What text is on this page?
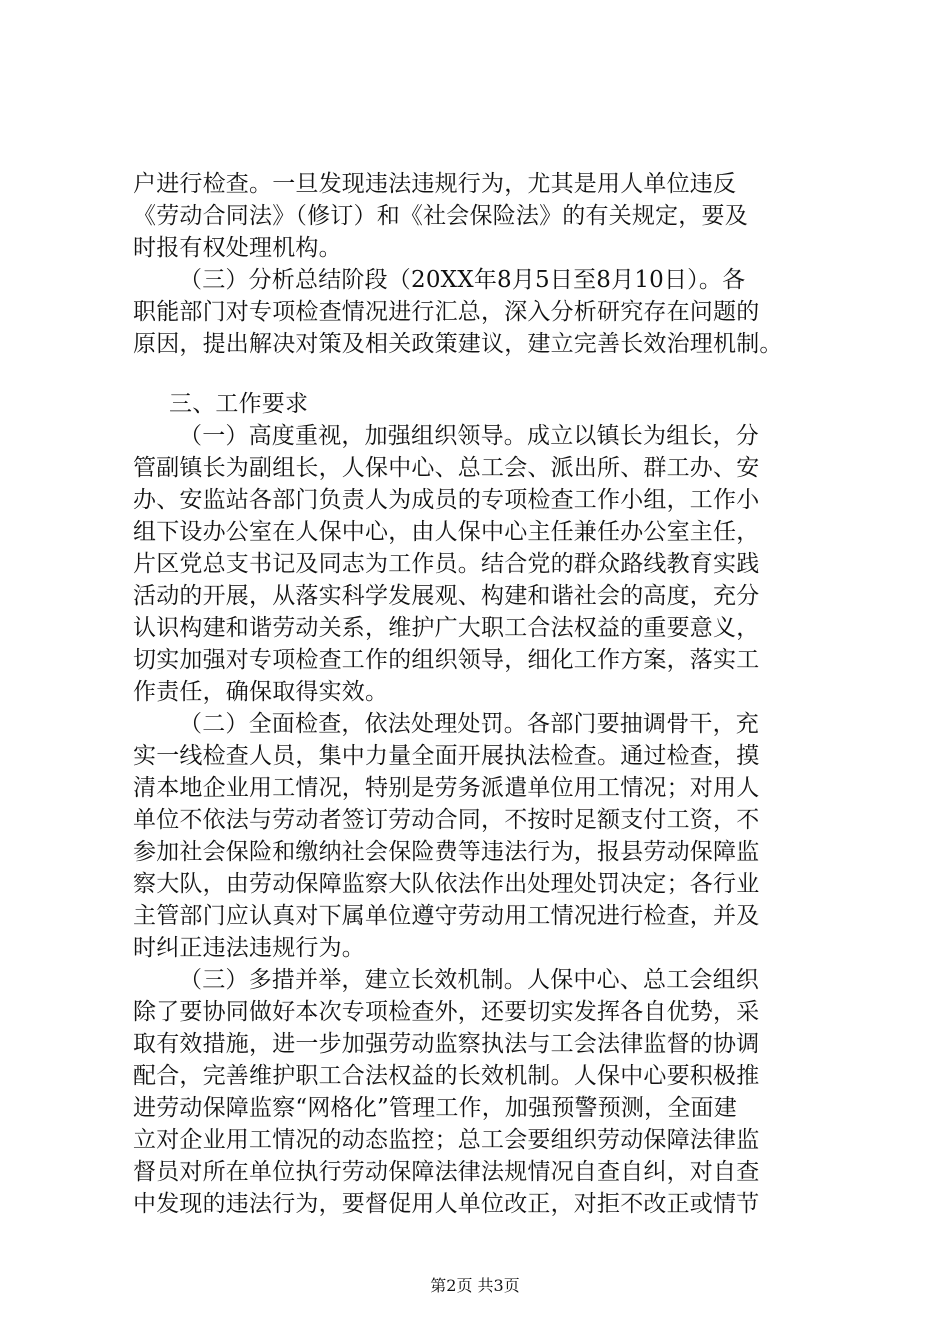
户进行检查。一旦发现违法违规行为，尤其是用人单位违反
《劳动合同法》（修订）和《社会保险法》的有关规定，要及
时报有权处理机构。
（三）分析总结阶段（20XX年8月5日至8月10日）。各
职能部门对专项检查情况进行汇总，深入分析研究存在问题的
原因，提出解决对策及相关政策建议，建立完善长效治理机制。
三、工作要求
（一）高度重视，加强组织领导。成立以镇长为组长，分
管副镇长为副组长，人保中心、总工会、派出所、群工办、安
办、安监站各部门负责人为成员的专项检查工作小组，工作小
组下设办公室在人保中心，由人保中心主任兼任办公室主任，
片区党总支书记及同志为工作员。结合党的群众路线教育实践
活动的开展，从落实科学发展观、构建和谐社会的高度，充分
认识构建和谐劳动关系，维护广大职工合法权益的重要意义，
切实加强对专项检查工作的组织领导，细化工作方案，落实工
作责任，确保取得实效。
（二）全面检查，依法处理处罚。各部门要抽调骨干，充
实一线检查人员，集中力量全面开展执法检查。通过检查，摸
清本地企业用工情况，特别是劳务派遣单位用工情况；对用人
单位不依法与劳动者签订劳动合同，不按时足额支付工资，不
参加社会保险和缴纳社会保险费等违法行为，报县劳动保障监
察大队，由劳动保障监察大队依法作出处理处罚决定；各行业
主管部门应认真对下属单位遵守劳动用工情况进行检查，并及
时纠正违法违规行为。
（三）多措并举，建立长效机制。人保中心、总工会组织
除了要协同做好本次专项检查外，还要切实发挥各自优势，采
取有效措施，进一步加强劳动监察执法与工会法律监督的协调
配合，完善维护职工合法权益的长效机制。人保中心要积极推
进劳动保障监察“网格化”管理工作，加强预警预测，全面建
立对企业用工情况的动态监控；总工会要组织劳动保障法律监
督员对所在单位执行劳动保障法律法规情况自查自纠，对自查
中发现的违法行为，要督促用人单位改正，对拒不改正或情节
第2页 共3页
